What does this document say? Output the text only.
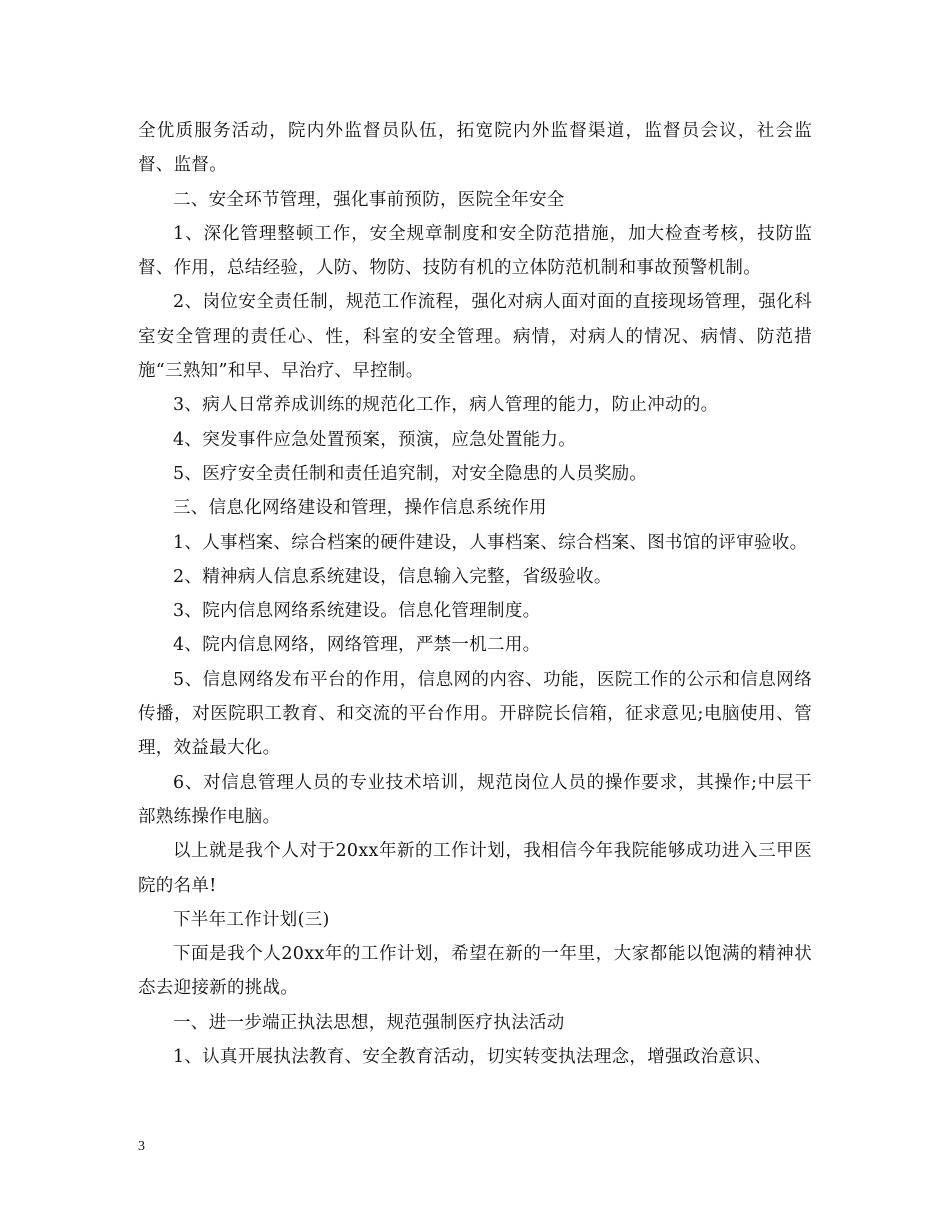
全优质服务活动，院内外监督员队伍，拓宽院内外监督渠道，监督员会议，社会监督、监督。

二、安全环节管理，强化事前预防，医院全年安全

1、深化管理整顿工作，安全规章制度和安全防范措施，加大检查考核，技防监督、作用，总结经验，人防、物防、技防有机的立体防范机制和事故预警机制。

2、岗位安全责任制，规范工作流程，强化对病人面对面的直接现场管理，强化科室安全管理的责任心、性，科室的安全管理。病情，对病人的情况、病情、防范措施“三熟知”和早、早治疗、早控制。

3、病人日常养成训练的规范化工作，病人管理的能力，防止冲动的。

4、突发事件应急处置预案，预演，应急处置能力。

5、医疗安全责任制和责任追究制，对安全隐患的人员奖励。

三、信息化网络建设和管理，操作信息系统作用

1、人事档案、综合档案的硬件建设，人事档案、综合档案、图书馆的评审验收。

2、精神病人信息系统建设，信息输入完整，省级验收。

3、院内信息网络系统建设。信息化管理制度。

4、院内信息网络，网络管理，严禁一机二用。

5、信息网络发布平台的作用，信息网的内容、功能，医院工作的公示和信息网络传播，对医院职工教育、和交流的平台作用。开辟院长信箱，征求意见;电脑使用、管理，效益最大化。

6、对信息管理人员的专业技术培训，规范岗位人员的操作要求，其操作;中层干部熟练操作电脑。

以上就是我个人对于20xx年新的工作计划，我相信今年我院能够成功进入三甲医院的名单!

下半年工作计划(三)

下面是我个人20xx年的工作计划，希望在新的一年里，大家都能以饱满的精神状态去迎接新的挑战。

一、进一步端正执法思想，规范强制医疗执法活动

1、认真开展执法教育、安全教育活动，切实转变执法理念，增强政治意识、

3
